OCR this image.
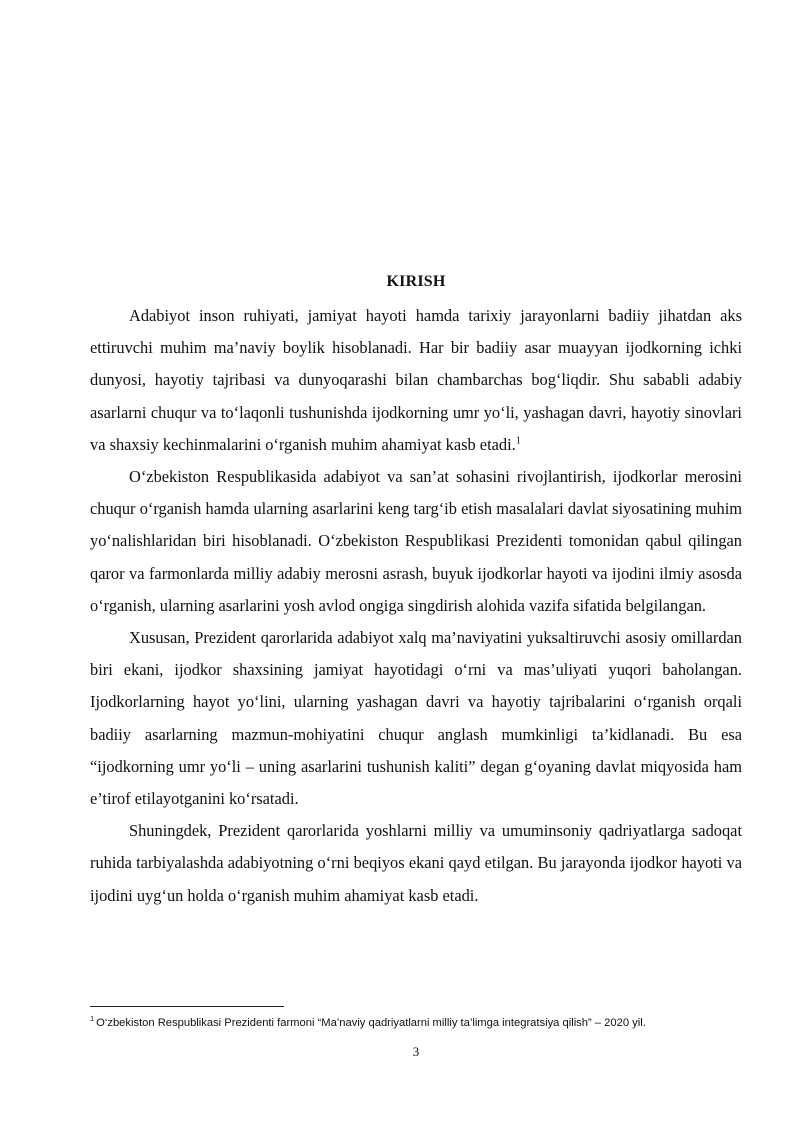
KIRISH

Adabiyot inson ruhiyati, jamiyat hayoti hamda tarixiy jarayonlarni badiiy jihatdan aks ettiruvchi muhim ma’naviy boylik hisoblanadi. Har bir badiiy asar muayyan ijodkorning ichki dunyosi, hayotiy tajribasi va dunyoqarashi bilan chambarchas bog‘liqdir. Shu sababli adabiy asarlarni chuqur va to‘laqonli tushunishda ijodkorning umr yo‘li, yashagan davri, hayotiy sinovlari va shaxsiy kechinmalarini o‘rganish muhim ahamiyat kasb etadi.$^1$

O‘zbekiston Respublikasida adabiyot va san’at sohasini rivojlantirish, ijodkorlar merosini chuqur o‘rganish hamda ularning asarlarini keng targ‘ib etish masalalari davlat siyosatining muhim yo‘nalishlaridan biri hisoblanadi. O‘zbekiston Respublikasi Prezidenti tomonidan qabul qilingan qaror va farmonlarda milliy adabiy merosni asrash, buyuk ijodkorlar hayoti va ijodini ilmiy asosda o‘rganish, ularning asarlarini yosh avlod ongiga singdirish alohida vazifa sifatida belgilangan.

Xususan, Prezident qarorlarida adabiyot xalq ma’naviyatini yuksaltiruvchi asosiy omillardan biri ekani, ijodkor shaxsining jamiyat hayotidagi o‘rni va mas’uliyati yuqori baholangan. Ijodkorlarning hayot yo‘lini, ularning yashagan davri va hayotiy tajribalarini o‘rganish orqali badiiy asarlarning mazmun-mohiyatini chuqur anglash mumkinligi ta’kidlanadi. Bu esa “ijodkorning umr yo‘li – uning asarlarini tushunish kaliti” degan g‘oyaning davlat miqyosida ham e’tirof etilayotganini ko‘rsatadi.

Shuningdek, Prezident qarorlarida yoshlarni milliy va umuminsoniy qadriyatlarga sadoqat ruhida tarbiyalashda adabiyotning o‘rni beqiyos ekani qayd etilgan. Bu jarayonda ijodkor hayoti va ijodini uyg‘un holda o‘rganish muhim ahamiyat kasb etadi.

$^1$ O‘zbekiston Respublikasi Prezidenti farmoni “Ma’naviy qadriyatlarni milliy ta’limga integratsiya qilish” – 2020 yil.

3
